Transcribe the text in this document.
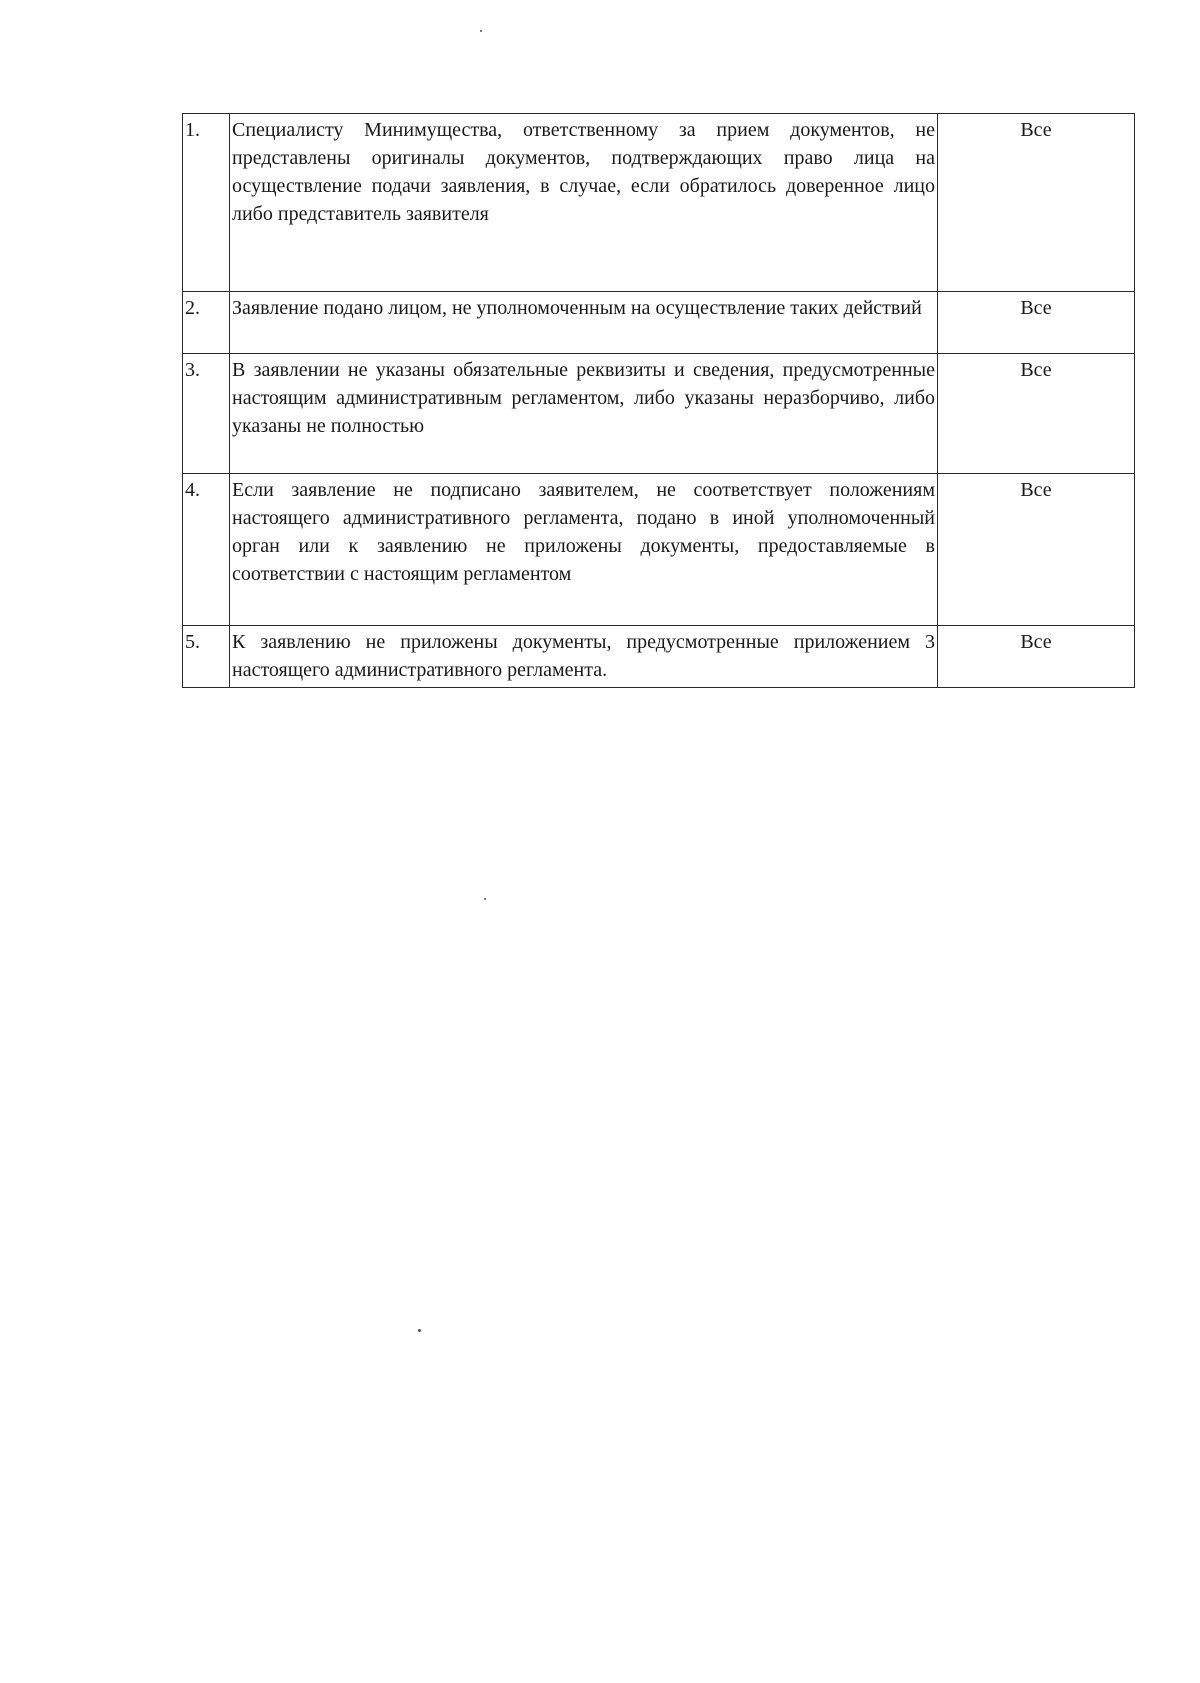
1.	Специалисту Минимущества, ответственному за прием документов, не представлены оригиналы документов, подтверждающих право лица на осуществление подачи заявления, в случае, если обратилось доверенное лицо либо представитель заявителя	Все
2.	Заявление подано лицом, не уполномоченным на осуществление таких действий	Все
3.	В заявлении не указаны обязательные реквизиты и сведения, предусмотренные настоящим административным регламентом, либо указаны неразборчиво, либо указаны не полностью	Все
4.	Если заявление не подписано заявителем, не соответствует положениям настоящего административного регламента, подано в иной уполномоченный орган или к заявлению не приложены документы, предоставляемые в соответствии с настоящим регламентом	Все
5.	К заявлению не приложены документы, предусмотренные приложением 3 настоящего административного регламента.	Все
